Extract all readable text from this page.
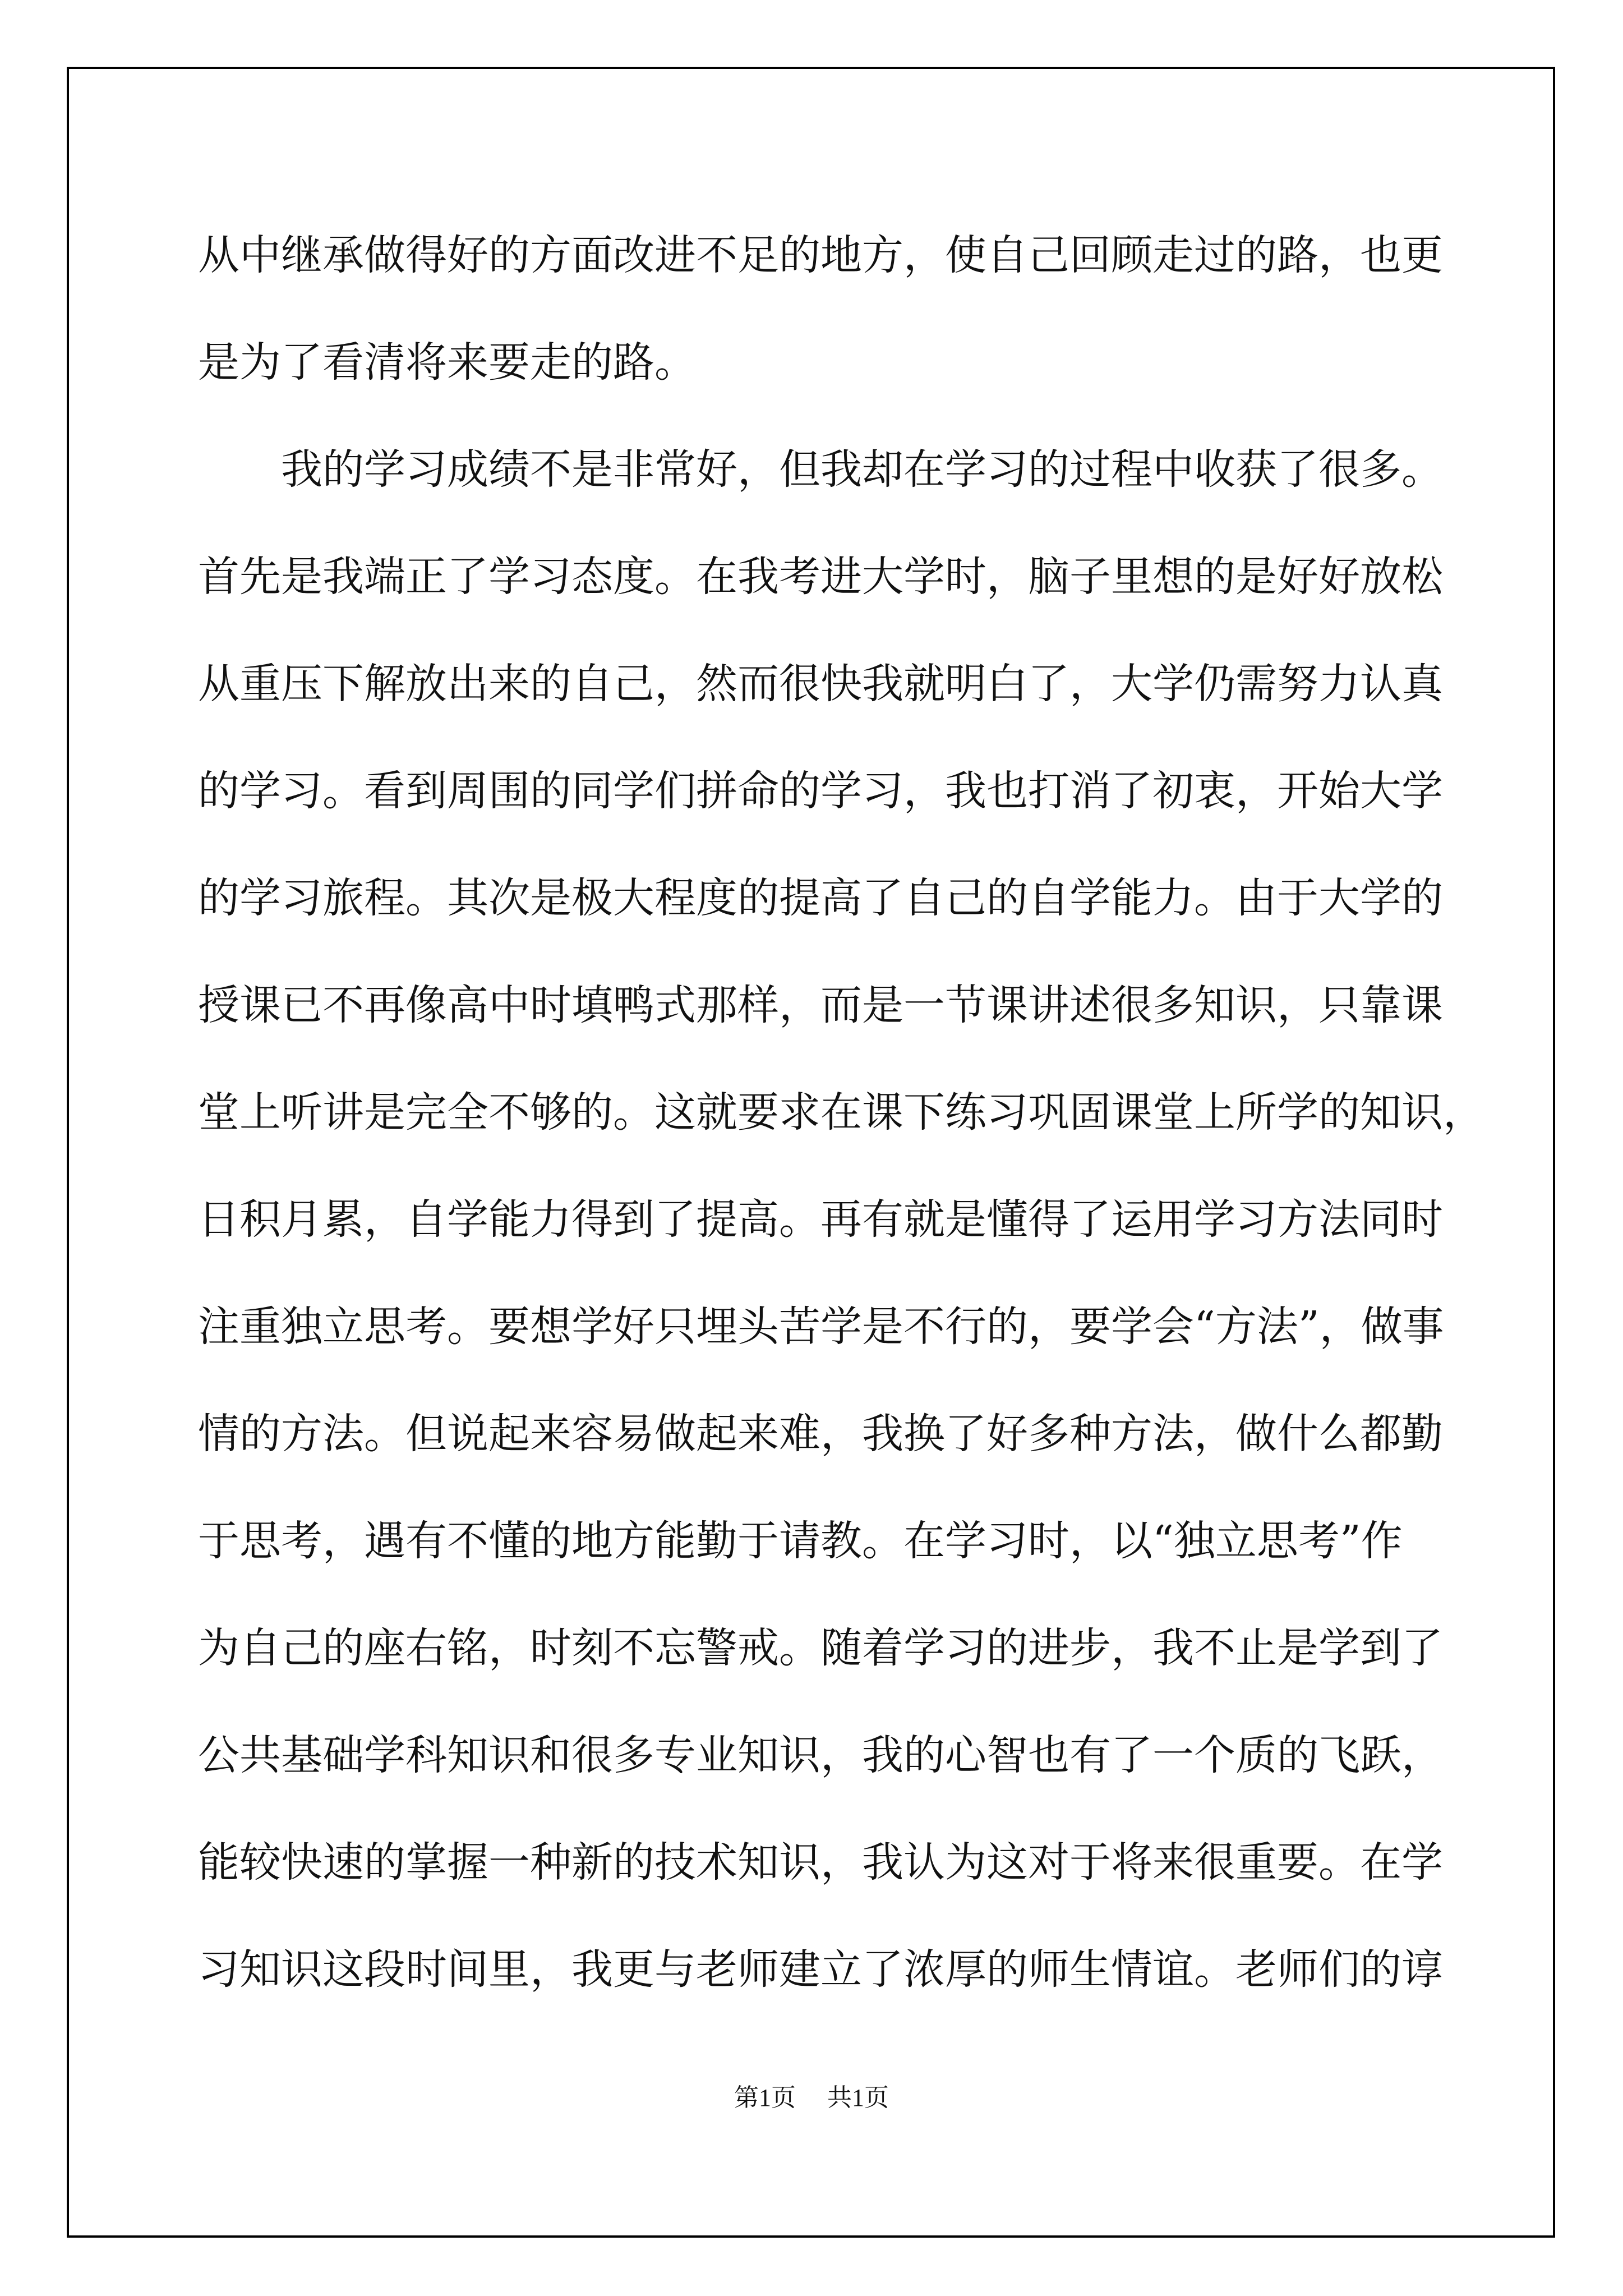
从中继承做得好的方面改进不足的地方，使自己回顾走过的路，也更
是为了看清将来要走的路。
　　我的学习成绩不是非常好，但我却在学习的过程中收获了很多。
首先是我端正了学习态度。在我考进大学时，脑子里想的是好好放松
从重压下解放出来的自己，然而很快我就明白了，大学仍需努力认真
的学习。看到周围的同学们拼命的学习，我也打消了初衷，开始大学
的学习旅程。其次是极大程度的提高了自己的自学能力。由于大学的
授课已不再像高中时填鸭式那样，而是一节课讲述很多知识，只靠课
堂上听讲是完全不够的。这就要求在课下练习巩固课堂上所学的知识，
日积月累，自学能力得到了提高。再有就是懂得了运用学习方法同时
注重独立思考。要想学好只埋头苦学是不行的，要学会“方法”，做事
情的方法。但说起来容易做起来难，我换了好多种方法，做什么都勤
于思考，遇有不懂的地方能勤于请教。在学习时，以“独立思考”作
为自己的座右铭，时刻不忘警戒。随着学习的进步，我不止是学到了
公共基础学科知识和很多专业知识，我的心智也有了一个质的飞跃，
能较快速的掌握一种新的技术知识，我认为这对于将来很重要。在学
习知识这段时间里，我更与老师建立了浓厚的师生情谊。老师们的谆
第1页 共1页
